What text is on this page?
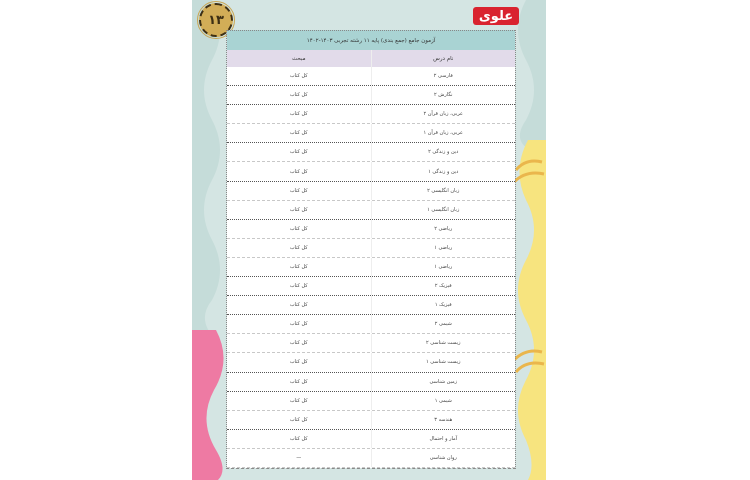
۱۳	علوی
آزمون جامع (جمع بندی) پایه ۱۱ رشته تجربی ۱۴۰۳-۱۴۰۲
نام درس
مبحث
فارسی ۲
کل کتاب
نگارش ۲
کل کتاب
عربی، زبان قرآن ۲
کل کتاب
عربی، زبان قرآن ۱
کل کتاب
دین و زندگی ۲
کل کتاب
دین و زندگی ۱
کل کتاب
زبان انگلیسی ۲
کل کتاب
زبان انگلیسی ۱
کل کتاب
ریاضی ۲
کل کتاب
ریاضی ۱
کل کتاب
ریاضی ۱
کل کتاب
فیزیک ۲
کل کتاب
فیزیک ۱
کل کتاب
شیمی ۲
کل کتاب
زیست شناسی ۲
کل کتاب
زیست شناسی ۱
کل کتاب
زمین شناسی
کل کتاب
شیمی ۱
کل کتاب
هندسه ۳
کل کتاب
آمار و احتمال
کل کتاب
روان شناسی
—
